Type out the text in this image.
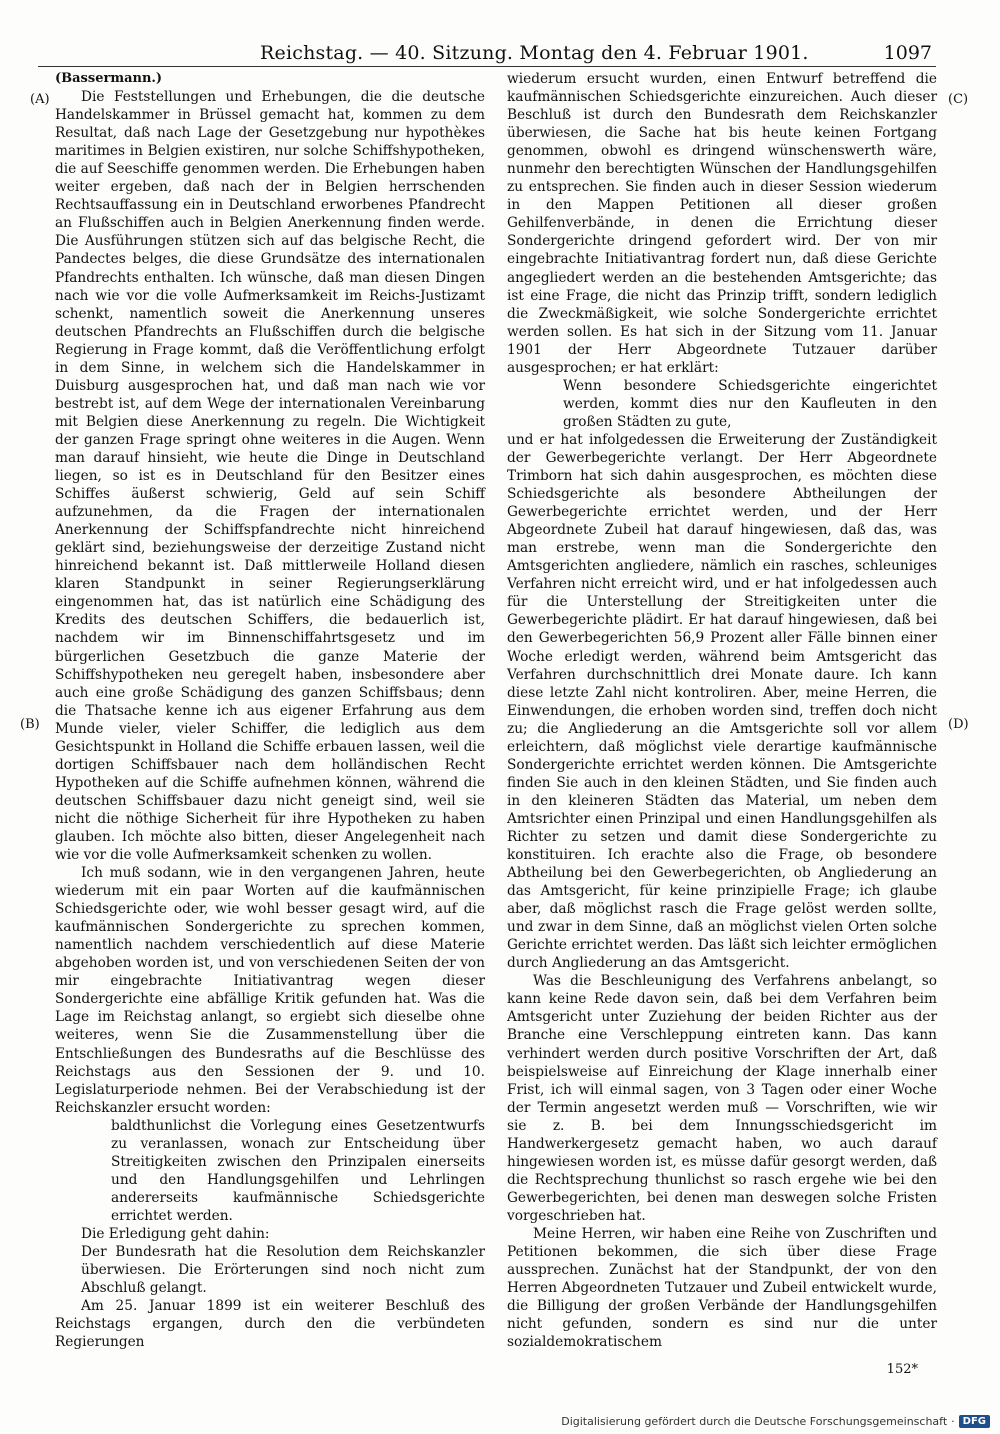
Reichstag. — 40. Sitzung. Montag den 4. Februar 1901.	1097
(A)
(B)
(C)
(D)

(Bassermann.)

Die Feststellungen und Erhebungen, die die deutsche Handelskammer in Brüssel gemacht hat, kommen zu dem Resultat, daß nach Lage der Gesetzgebung nur hypothèkes maritimes in Belgien existiren, nur solche Schiffshypotheken, die auf Seeschiffe genommen werden. Die Erhebungen haben weiter ergeben, daß nach der in Belgien herrschenden Rechtsauffassung ein in Deutschland erworbenes Pfandrecht an Flußschiffen auch in Belgien Anerkennung finden werde. Die Ausführungen stützen sich auf das belgische Recht, die Pandectes belges, die diese Grundsätze des internationalen Pfandrechts enthalten. Ich wünsche, daß man diesen Dingen nach wie vor die volle Aufmerksamkeit im Reichs-Justizamt schenkt, namentlich soweit die Anerkennung unseres deutschen Pfandrechts an Flußschiffen durch die belgische Regierung in Frage kommt, daß die Veröffentlichung erfolgt in dem Sinne, in welchem sich die Handelskammer in Duisburg ausgesprochen hat, und daß man nach wie vor bestrebt ist, auf dem Wege der internationalen Vereinbarung mit Belgien diese Anerkennung zu regeln. Die Wichtigkeit der ganzen Frage springt ohne weiteres in die Augen. Wenn man darauf hinsieht, wie heute die Dinge in Deutschland liegen, so ist es in Deutschland für den Besitzer eines Schiffes äußerst schwierig, Geld auf sein Schiff aufzunehmen, da die Fragen der internationalen Anerkennung der Schiffspfandrechte nicht hinreichend geklärt sind, beziehungsweise der derzeitige Zustand nicht hinreichend bekannt ist. Daß mittlerweile Holland diesen klaren Standpunkt in seiner Regierungserklärung eingenommen hat, das ist natürlich eine Schädigung des Kredits des deutschen Schiffers, die bedauerlich ist, nachdem wir im Binnenschiffahrtsgesetz und im bürgerlichen Gesetzbuch die ganze Materie der Schiffshypotheken neu geregelt haben, insbesondere aber auch eine große Schädigung des ganzen Schiffsbaus; denn die Thatsache kenne ich aus eigener Erfahrung aus dem Munde vieler, vieler Schiffer, die lediglich aus dem Gesichtspunkt in Holland die Schiffe erbauen lassen, weil die dortigen Schiffsbauer nach dem holländischen Recht Hypotheken auf die Schiffe aufnehmen können, während die deutschen Schiffsbauer dazu nicht geneigt sind, weil sie nicht die nöthige Sicherheit für ihre Hypotheken zu haben glauben. Ich möchte also bitten, dieser Angelegenheit nach wie vor die volle Aufmerksamkeit schenken zu wollen.

Ich muß sodann, wie in den vergangenen Jahren, heute wiederum mit ein paar Worten auf die kaufmännischen Schiedsgerichte oder, wie wohl besser gesagt wird, auf die kaufmännischen Sondergerichte zu sprechen kommen, namentlich nachdem verschiedentlich auf diese Materie abgehoben worden ist, und von verschiedenen Seiten der von mir eingebrachte Initiativantrag wegen dieser Sondergerichte eine abfällige Kritik gefunden hat. Was die Lage im Reichstag anlangt, so ergiebt sich dieselbe ohne weiteres, wenn Sie die Zusammenstellung über die Entschließungen des Bundesraths auf die Beschlüsse des Reichstags aus den Sessionen der 9. und 10. Legislaturperiode nehmen. Bei der Verabschiedung ist der Reichskanzler ersucht worden:

baldthunlichst die Vorlegung eines Gesetzentwurfs zu veranlassen, wonach zur Entscheidung über Streitigkeiten zwischen den Prinzipalen einerseits und den Handlungsgehilfen und Lehrlingen andererseits kaufmännische Schiedsgerichte errichtet werden.

Die Erledigung geht dahin:

Der Bundesrath hat die Resolution dem Reichskanzler überwiesen. Die Erörterungen sind noch nicht zum Abschluß gelangt.

Am 25. Januar 1899 ist ein weiterer Beschluß des Reichstags ergangen, durch den die verbündeten Regierungen

wiederum ersucht wurden, einen Entwurf betreffend die kaufmännischen Schiedsgerichte einzureichen. Auch dieser Beschluß ist durch den Bundesrath dem Reichskanzler überwiesen, die Sache hat bis heute keinen Fortgang genommen, obwohl es dringend wünschenswerth wäre, nunmehr den berechtigten Wünschen der Handlungsgehilfen zu entsprechen. Sie finden auch in dieser Session wiederum in den Mappen Petitionen all dieser großen Gehilfenverbände, in denen die Errichtung dieser Sondergerichte dringend gefordert wird. Der von mir eingebrachte Initiativantrag fordert nun, daß diese Gerichte angegliedert werden an die bestehenden Amtsgerichte; das ist eine Frage, die nicht das Prinzip trifft, sondern lediglich die Zweckmäßigkeit, wie solche Sondergerichte errichtet werden sollen. Es hat sich in der Sitzung vom 11. Januar 1901 der Herr Abgeordnete Tutzauer darüber ausgesprochen; er hat erklärt:

Wenn besondere Schiedsgerichte eingerichtet werden, kommt dies nur den Kaufleuten in den großen Städten zu gute,

und er hat infolgedessen die Erweiterung der Zuständigkeit der Gewerbegerichte verlangt. Der Herr Abgeordnete Trimborn hat sich dahin ausgesprochen, es möchten diese Schiedsgerichte als besondere Abtheilungen der Gewerbegerichte errichtet werden, und der Herr Abgeordnete Zubeil hat darauf hingewiesen, daß das, was man erstrebe, wenn man die Sondergerichte den Amtsgerichten angliedere, nämlich ein rasches, schleuniges Verfahren nicht erreicht wird, und er hat infolgedessen auch für die Unterstellung der Streitigkeiten unter die Gewerbegerichte plädirt. Er hat darauf hingewiesen, daß bei den Gewerbegerichten 56,9 Prozent aller Fälle binnen einer Woche erledigt werden, während beim Amtsgericht das Verfahren durchschnittlich drei Monate daure. Ich kann diese letzte Zahl nicht kontroliren. Aber, meine Herren, die Einwendungen, die erhoben worden sind, treffen doch nicht zu; die Angliederung an die Amtsgerichte soll vor allem erleichtern, daß möglichst viele derartige kaufmännische Sondergerichte errichtet werden können. Die Amtsgerichte finden Sie auch in den kleinen Städten, und Sie finden auch in den kleineren Städten das Material, um neben dem Amtsrichter einen Prinzipal und einen Handlungsgehilfen als Richter zu setzen und damit diese Sondergerichte zu konstituiren. Ich erachte also die Frage, ob besondere Abtheilung bei den Gewerbegerichten, ob Angliederung an das Amtsgericht, für keine prinzipielle Frage; ich glaube aber, daß möglichst rasch die Frage gelöst werden sollte, und zwar in dem Sinne, daß an möglichst vielen Orten solche Gerichte errichtet werden. Das läßt sich leichter ermöglichen durch Angliederung an das Amtsgericht.

Was die Beschleunigung des Verfahrens anbelangt, so kann keine Rede davon sein, daß bei dem Verfahren beim Amtsgericht unter Zuziehung der beiden Richter aus der Branche eine Verschleppung eintreten kann. Das kann verhindert werden durch positive Vorschriften der Art, daß beispielsweise auf Einreichung der Klage innerhalb einer Frist, ich will einmal sagen, von 3 Tagen oder einer Woche der Termin angesetzt werden muß — Vorschriften, wie wir sie z. B. bei dem Innungsschiedsgericht im Handwerkergesetz gemacht haben, wo auch darauf hingewiesen worden ist, es müsse dafür gesorgt werden, daß die Rechtsprechung thunlichst so rasch ergehe wie bei den Gewerbegerichten, bei denen man deswegen solche Fristen vorgeschrieben hat.

Meine Herren, wir haben eine Reihe von Zuschriften und Petitionen bekommen, die sich über diese Frage aussprechen. Zunächst hat der Standpunkt, der von den Herren Abgeordneten Tutzauer und Zubeil entwickelt wurde, die Billigung der großen Verbände der Handlungsgehilfen nicht gefunden, sondern es sind nur die unter sozialdemokratischem

152*
Digitalisierung gefördert durch die Deutsche Forschungsgemeinschaft · DFG
